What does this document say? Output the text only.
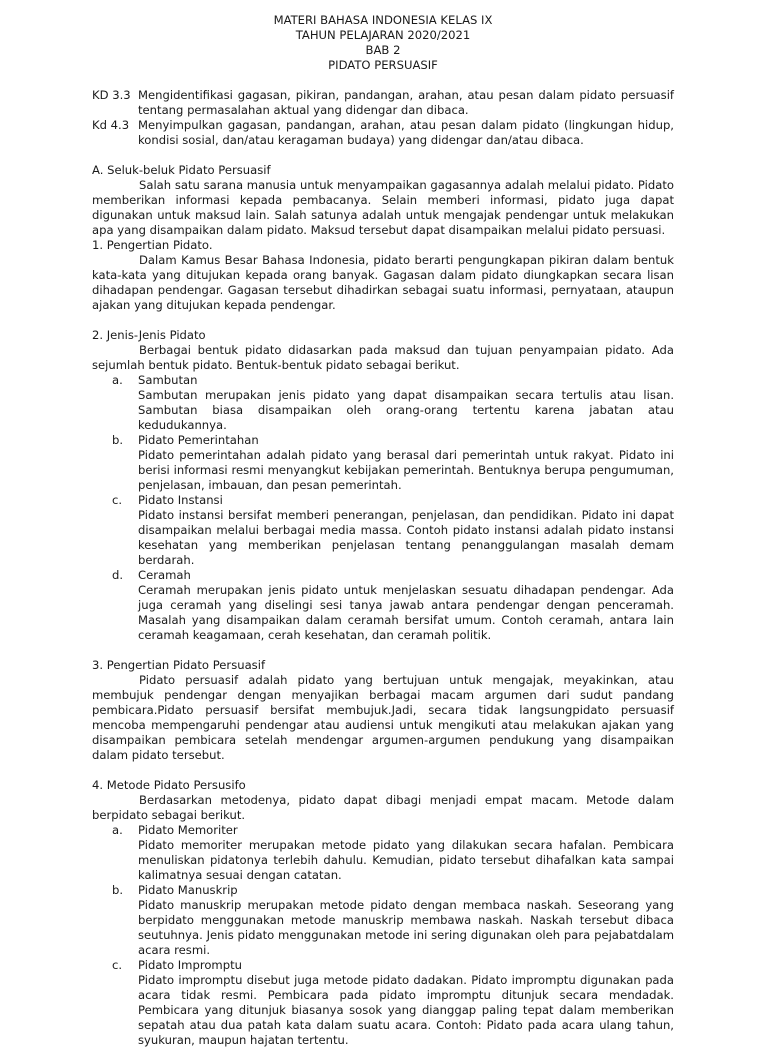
MATERI BAHASA INDONESIA KELAS IX
TAHUN PELAJARAN 2020/2021
BAB 2
PIDATO PERSUASIF
KD 3.3 Mengidentifikasi gagasan, pikiran, pandangan, arahan, atau pesan dalam pidato persuasif tentang permasalahan aktual yang didengar dan dibaca.
Kd 4.3 Menyimpulkan gagasan, pandangan, arahan, atau pesan dalam pidato (lingkungan hidup, kondisi sosial, dan/atau keragaman budaya) yang didengar dan/atau dibaca.
A. Seluk-beluk Pidato Persuasif
Salah satu sarana manusia untuk menyampaikan gagasannya adalah melalui pidato. Pidato memberikan informasi kepada pembacanya. Selain memberi informasi, pidato juga dapat digunakan untuk maksud lain. Salah satunya adalah untuk mengajak pendengar untuk melakukan apa yang disampaikan dalam pidato. Maksud tersebut dapat disampaikan melalui pidato persuasi.
1. Pengertian Pidato.
Dalam Kamus Besar Bahasa Indonesia, pidato berarti pengungkapan pikiran dalam bentuk kata-kata yang ditujukan kepada orang banyak. Gagasan dalam pidato diungkapkan secara lisan dihadapan pendengar. Gagasan tersebut dihadirkan sebagai suatu informasi, pernyataan, ataupun ajakan yang ditujukan kepada pendengar.
2. Jenis-Jenis Pidato
Berbagai bentuk pidato didasarkan pada maksud dan tujuan penyampaian pidato. Ada sejumlah bentuk pidato. Bentuk-bentuk pidato sebagai berikut.
a.	Sambutan
Sambutan merupakan jenis pidato yang dapat disampaikan secara tertulis atau lisan. Sambutan biasa disampaikan oleh orang-orang tertentu karena jabatan atau kedudukannya.
b.	Pidato Pemerintahan
Pidato pemerintahan adalah pidato yang berasal dari pemerintah untuk rakyat. Pidato ini berisi informasi resmi menyangkut kebijakan pemerintah. Bentuknya berupa pengumuman, penjelasan, imbauan, dan pesan pemerintah.
c.	Pidato Instansi
Pidato instansi bersifat memberi penerangan, penjelasan, dan pendidikan. Pidato ini dapat disampaikan melalui berbagai media massa. Contoh pidato instansi adalah pidato instansi kesehatan yang memberikan penjelasan tentang penanggulangan masalah demam berdarah.
d.	Ceramah
Ceramah merupakan jenis pidato untuk menjelaskan sesuatu dihadapan pendengar. Ada juga ceramah yang diselingi sesi tanya jawab antara pendengar dengan penceramah. Masalah yang disampaikan dalam ceramah bersifat umum. Contoh ceramah, antara lain ceramah keagamaan, cerah kesehatan, dan ceramah politik.
3. Pengertian Pidato Persuasif
Pidato persuasif adalah pidato yang bertujuan untuk mengajak, meyakinkan, atau membujuk pendengar dengan menyajikan berbagai macam argumen dari sudut pandang pembicara.Pidato persuasif bersifat membujuk.Jadi, secara tidak langsungpidato persuasif mencoba mempengaruhi pendengar atau audiensi untuk mengikuti atau melakukan ajakan yang disampaikan pembicara setelah mendengar argumen-argumen pendukung yang disampaikan dalam pidato tersebut.
4. Metode Pidato Persusifo
Berdasarkan metodenya, pidato dapat dibagi menjadi empat macam. Metode dalam berpidato sebagai berikut.
a.	Pidato Memoriter
Pidato memoriter merupakan metode pidato yang dilakukan secara hafalan. Pembicara menuliskan pidatonya terlebih dahulu. Kemudian, pidato tersebut dihafalkan kata sampai kalimatnya sesuai dengan catatan.
b.	Pidato Manuskrip
Pidato manuskrip merupakan metode pidato dengan membaca naskah. Seseorang yang berpidato menggunakan metode manuskrip membawa naskah. Naskah tersebut dibaca seutuhnya. Jenis pidato menggunakan metode ini sering digunakan oleh para pejabatdalam acara resmi.
c.	Pidato Impromptu
Pidato impromptu disebut juga metode pidato dadakan. Pidato impromptu digunakan pada acara tidak resmi. Pembicara pada pidato impromptu ditunjuk secara mendadak. Pembicara yang ditunjuk biasanya sosok yang dianggap paling tepat dalam memberikan sepatah atau dua patah kata dalam suatu acara. Contoh: Pidato pada acara ulang tahun, syukuran, maupun hajatan tertentu.
